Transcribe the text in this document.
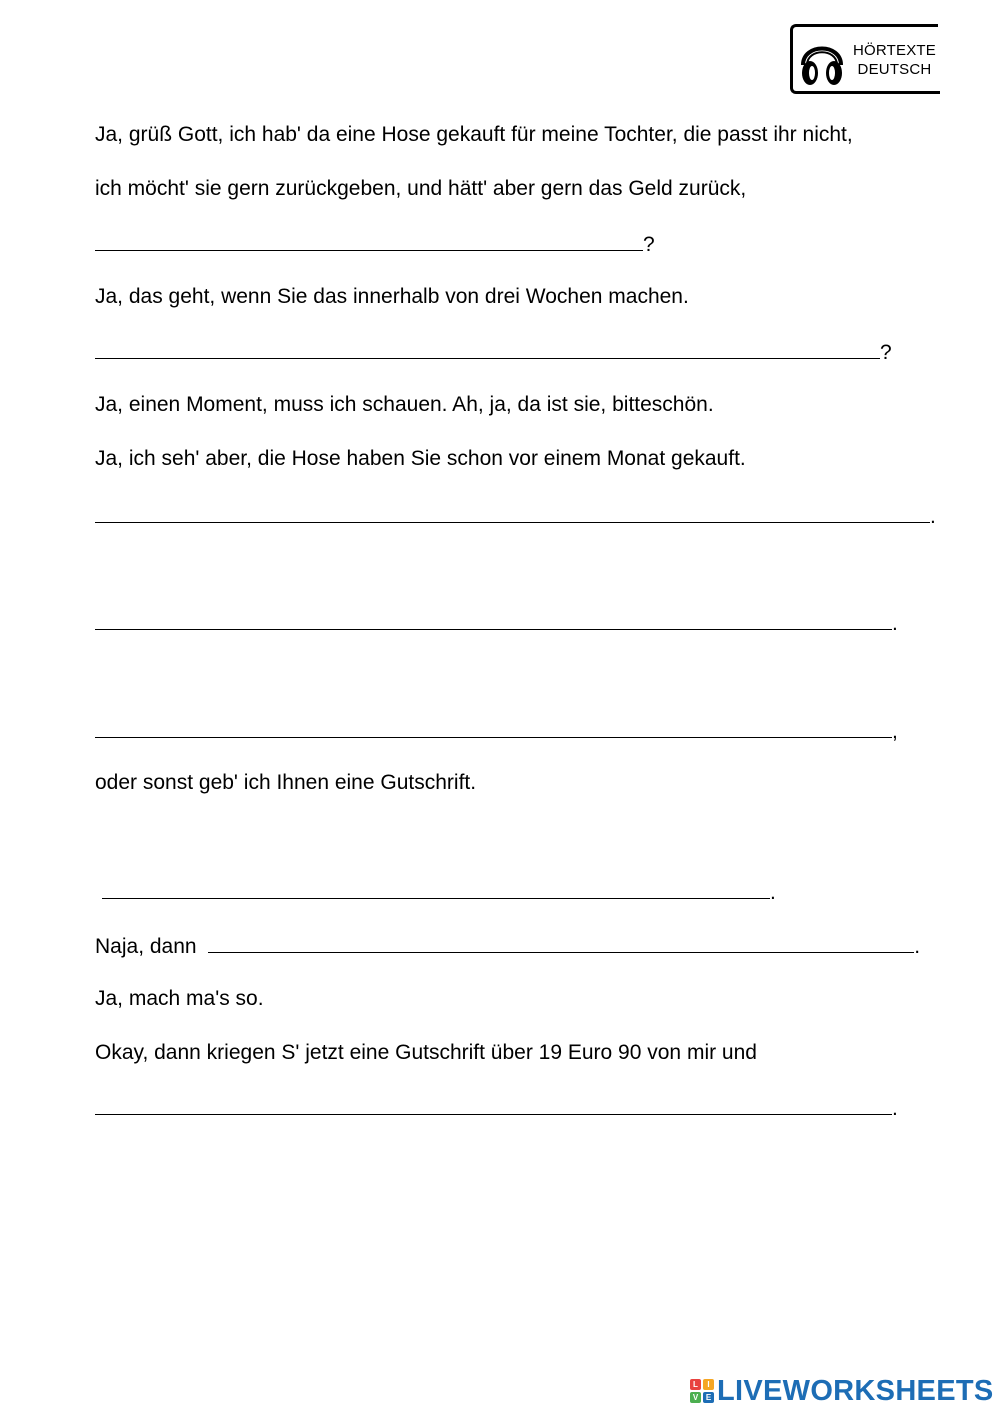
HÖRTEXTE
DEUTSCH

Ja, grüß Gott, ich hab' da eine Hose gekauft für meine Tochter, die passt ihr nicht,

ich möcht' sie gern zurückgeben, und hätt' aber gern das Geld zurück,

?

Ja, das geht, wenn Sie das innerhalb von drei Wochen machen.

?

Ja, einen Moment, muss ich schauen. Ah, ja, da ist sie, bitteschön.

Ja, ich seh' aber, die Hose haben Sie schon vor einem Monat gekauft.

.

.

,

oder sonst geb' ich Ihnen eine Gutschrift.

.

Naja, dann	.

Ja, mach ma's so.

Okay, dann kriegen S' jetzt eine Gutschrift über 19 Euro 90 von mir und

.

L	I
V E LIVEWORKSHEETS
